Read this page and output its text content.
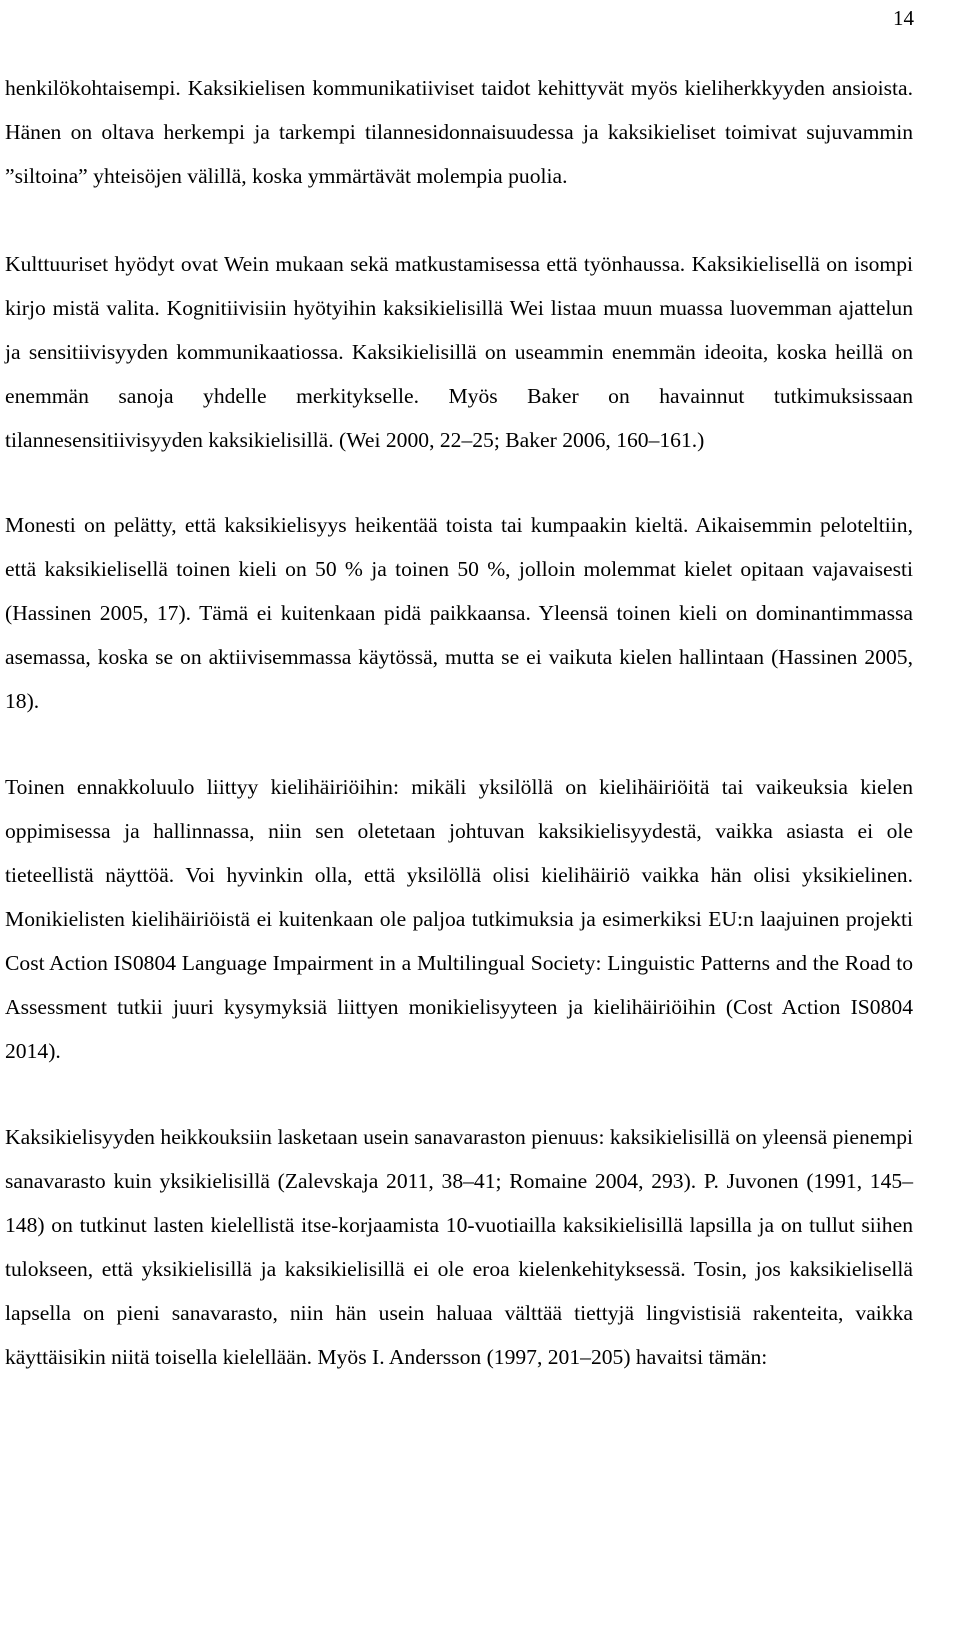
14

henkilökohtaisempi. Kaksikielisen kommunikatiiviset taidot kehittyvät myös kieliherkkyyden ansioista. Hänen on oltava herkempi ja tarkempi tilannesidonnaisuudessa ja kaksikieliset toimivat sujuvammin ”siltoina” yhteisöjen välillä, koska ymmärtävät molempia puolia.

Kulttuuriset hyödyt ovat Wein mukaan sekä matkustamisessa että työnhaussa. Kaksikielisellä on isompi kirjo mistä valita. Kognitiivisiin hyötyihin kaksikielisillä Wei listaa muun muassa luovemman ajattelun ja sensitiivisyyden kommunikaatiossa. Kaksikielisillä on useammin enemmän ideoita, koska heillä on enemmän sanoja yhdelle merkitykselle. Myös Baker on havainnut tutkimuksissaan tilannesensitiivisyyden kaksikielisillä. (Wei 2000, 22–25; Baker 2006, 160–161.)

Monesti on pelätty, että kaksikielisyys heikentää toista tai kumpaakin kieltä. Aikaisemmin peloteltiin, että kaksikielisellä toinen kieli on 50 % ja toinen 50 %, jolloin molemmat kielet opitaan vajavaisesti (Hassinen 2005, 17). Tämä ei kuitenkaan pidä paikkaansa. Yleensä toinen kieli on dominantimmassa asemassa, koska se on aktiivisemmassa käytössä, mutta se ei vaikuta kielen hallintaan (Hassinen 2005, 18).

Toinen ennakkoluulo liittyy kielihäiriöihin: mikäli yksilöllä on kielihäiriöitä tai vaikeuksia kielen oppimisessa ja hallinnassa, niin sen oletetaan johtuvan kaksikielisyydestä, vaikka asiasta ei ole tieteellistä näyttöä. Voi hyvinkin olla, että yksilöllä olisi kielihäiriö vaikka hän olisi yksikielinen. Monikielisten kielihäiriöistä ei kuitenkaan ole paljoa tutkimuksia ja esimerkiksi EU:n laajuinen projekti Cost Action IS0804 Language Impairment in a Multilingual Society: Linguistic Patterns and the Road to Assessment tutkii juuri kysymyksiä liittyen monikielisyyteen ja kielihäiriöihin (Cost Action IS0804 2014).

Kaksikielisyyden heikkouksiin lasketaan usein sanavaraston pienuus: kaksikielisillä on yleensä pienempi sanavarasto kuin yksikielisillä (Zalevskaja 2011, 38–41; Romaine 2004, 293). P. Juvonen (1991, 145–148) on tutkinut lasten kielellistä itse-korjaamista 10-vuotiailla kaksikielisillä lapsilla ja on tullut siihen tulokseen, että yksikielisillä ja kaksikielisillä ei ole eroa kielenkehityksessä. Tosin, jos kaksikielisellä lapsella on pieni sanavarasto, niin hän usein haluaa välttää tiettyjä lingvistisiä rakenteita, vaikka käyttäisikin niitä toisella kielellään. Myös I. Andersson (1997, 201–205) havaitsi tämän:
